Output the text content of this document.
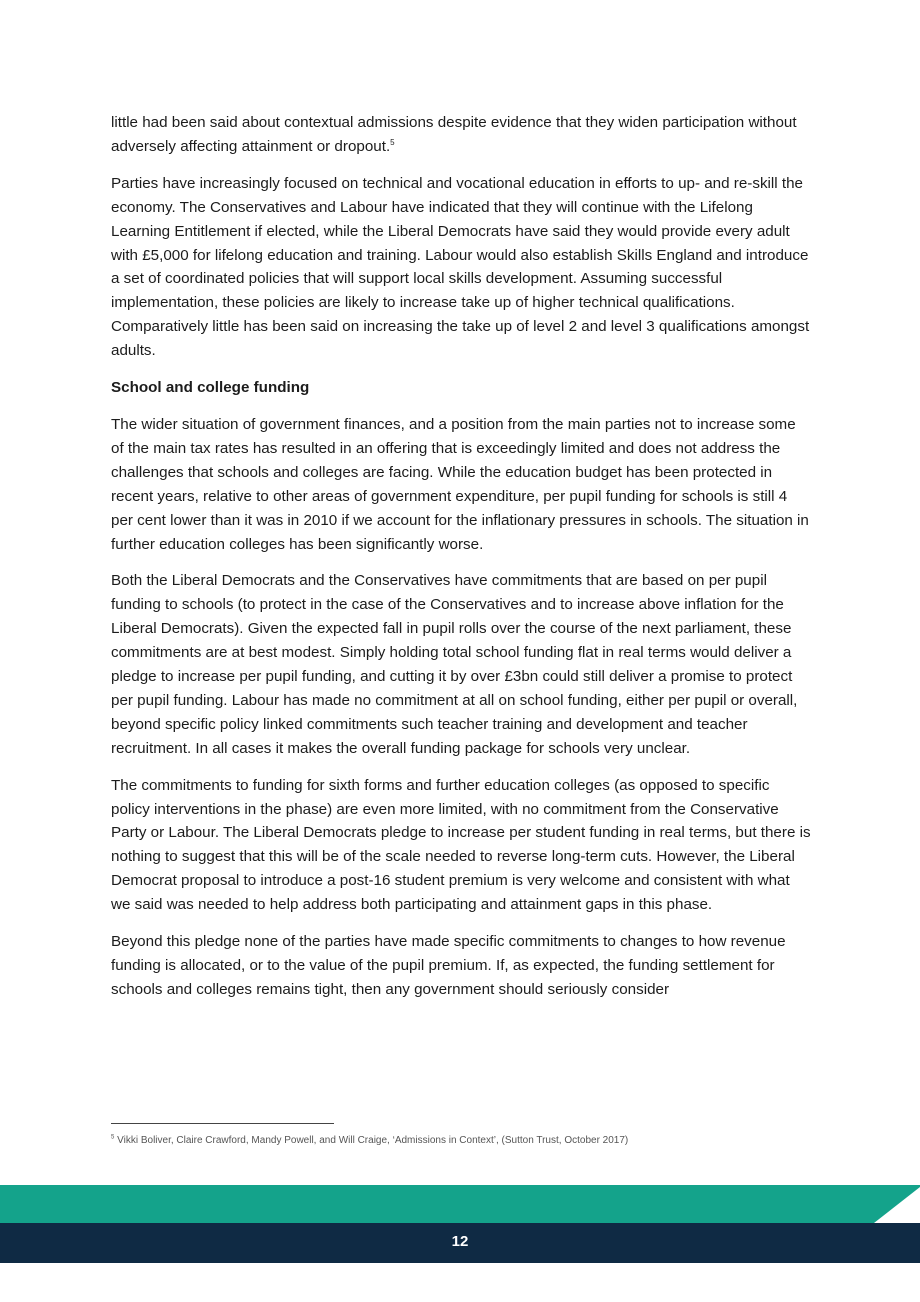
little had been said about contextual admissions despite evidence that they widen participation without adversely affecting attainment or dropout.$^5$

Parties have increasingly focused on technical and vocational education in efforts to up- and re-skill the economy. The Conservatives and Labour have indicated that they will continue with the Lifelong Learning Entitlement if elected, while the Liberal Democrats have said they would provide every adult with £5,000 for lifelong education and training. Labour would also establish Skills England and introduce a set of coordinated policies that will support local skills development. Assuming successful implementation, these policies are likely to increase take up of higher technical qualifications. Comparatively little has been said on increasing the take up of level 2 and level 3 qualifications amongst adults.

School and college funding

The wider situation of government finances, and a position from the main parties not to increase some of the main tax rates has resulted in an offering that is exceedingly limited and does not address the challenges that schools and colleges are facing. While the education budget has been protected in recent years, relative to other areas of government expenditure, per pupil funding for schools is still 4 per cent lower than it was in 2010 if we account for the inflationary pressures in schools. The situation in further education colleges has been significantly worse.

Both the Liberal Democrats and the Conservatives have commitments that are based on per pupil funding to schools (to protect in the case of the Conservatives and to increase above inflation for the Liberal Democrats). Given the expected fall in pupil rolls over the course of the next parliament, these commitments are at best modest. Simply holding total school funding flat in real terms would deliver a pledge to increase per pupil funding, and cutting it by over £3bn could still deliver a promise to protect per pupil funding. Labour has made no commitment at all on school funding, either per pupil or overall, beyond specific policy linked commitments such teacher training and development and teacher recruitment. In all cases it makes the overall funding package for schools very unclear.

The commitments to funding for sixth forms and further education colleges (as opposed to specific policy interventions in the phase) are even more limited, with no commitment from the Conservative Party or Labour. The Liberal Democrats pledge to increase per student funding in real terms, but there is nothing to suggest that this will be of the scale needed to reverse long-term cuts. However, the Liberal Democrat proposal to introduce a post-16 student premium is very welcome and consistent with what we said was needed to help address both participating and attainment gaps in this phase.

Beyond this pledge none of the parties have made specific commitments to changes to how revenue funding is allocated, or to the value of the pupil premium. If, as expected, the funding settlement for schools and colleges remains tight, then any government should seriously consider

$^5$ Vikki Boliver, Claire Crawford, Mandy Powell, and Will Craige, ‘Admissions in Context’, (Sutton Trust, October 2017)
12
